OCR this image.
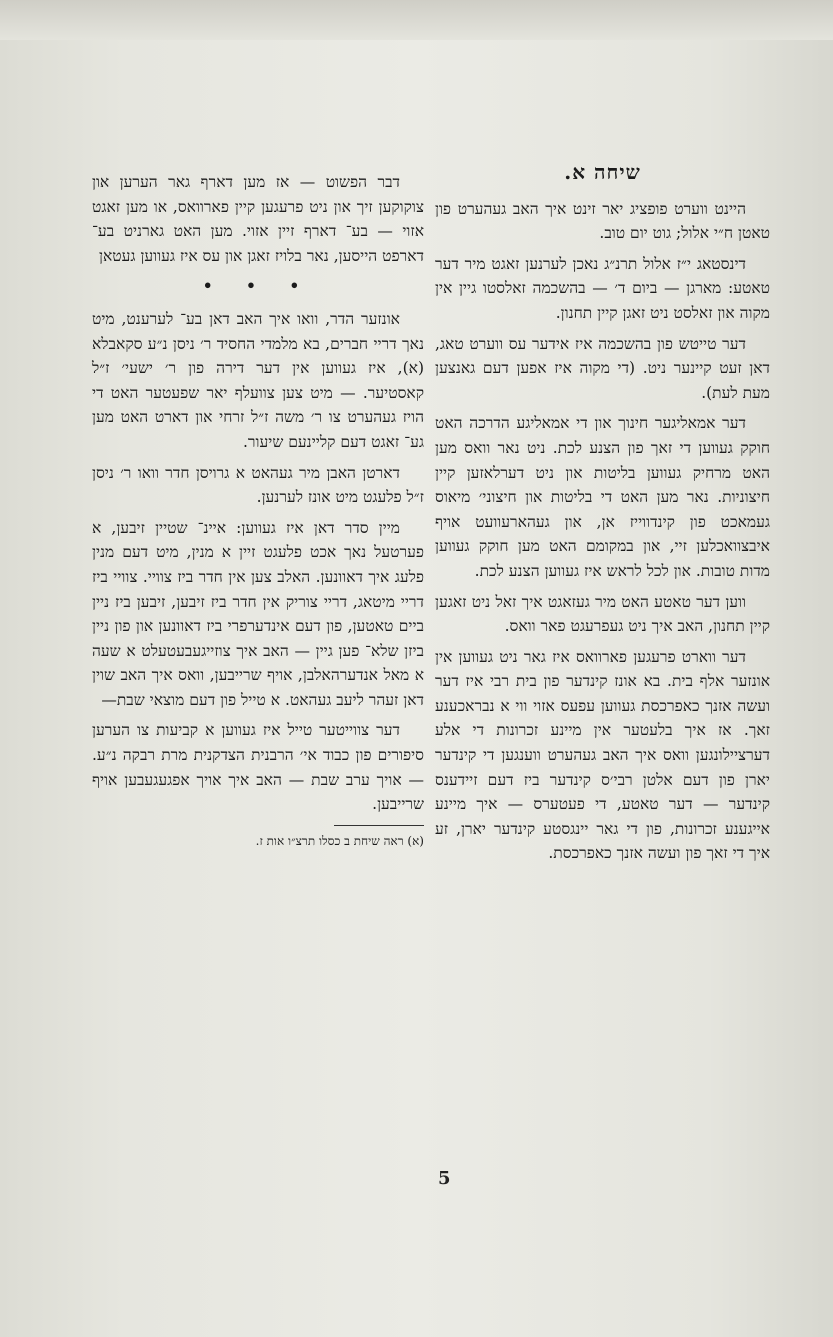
שיחה א.

היינט ווערט פופציג יאר זינט איך האב געהערט פון טאטן ח״י אלול; גוט יום טוב.

דינסטאג י״ז אלול תרנ״ג נאכן לערנען זאגט מיר דער טאטע: מארגן — ביום ד׳ — בהשכמה זאלסטו גיין אין מקוה און זאלסט ניט זאגן קיין תחנון.

דער טייטש פון בהשכמה איז אידער עס ווערט טאג, דאן זעט קיינער ניט. (די מקוה איז אפען דעם גאנצען מעת לעת).

דער אמאליגער חינוך און די אמאליגע הדרכה האט חוקק געווען די זאך פון הצנע לכת. ניט נאר וואס מען האט מרחיק געווען בליטות און ניט דערלאזען קיין חיצוניות. נאר מען האט די בליטות און חיצוני׳ מיאוס געמאכט פון קינדווייז אן, און געהארעוועט אויף איבצוואכלען זיי, און במקומם האט מען חוקק געווען מדות טובות. און לכל לראש איז געווען הצנע לכת.

ווען דער טאטע האט מיר געזאגט איך זאל ניט זאגען קיין תחנון, האב איך ניט געפרעגט פאר וואס.

דער ווארט פרעגען פארוואס איז גאר ניט געווען אין אונזער אלף בית. בא אונז קינדער פון בית רבי איז דער ועשה אזנך כאפרכסת געווען עפעס אזוי ווי א נבראכענע זאך. אז איך בלעטער אין מיינע זכרונות די אלע דערציילונגען וואס איך האב געהערט ווענגען די קינדער יארן פון דעם אלטן רבי׳ס קינדער ביז דעם זיידענס קינדער — דער טאטע, די פעטערס — איך מיינע אייגענע זכרונות, פון די גאר יינגסטע קינדער יארן, זע איך די זאך פון ועשה אזנך כאפרכסת.

דבר הפשוט — אז מען דארף גאר הערען און צוקוקען זיך און ניט פרעגען קיין פארוואס, או מען זאגט אזוי — בע־ דארף זיין אזוי. מען האט גארניט בע־ דארפט הייסען, נאר בלויז זאגן און עס איז געווען געטאן

• • •

אונזער הדר, וואו איך האב דאן בע־ לערענט, מיט נאך דריי חברים, בא מלמדי החסיד ר׳ ניסן נ״ע סקאבלא (א), איז געווען אין דער דירה פון ר׳ ישעי׳ ז״ל קאסטיער. — מיט צען צוועלף יאר שפעטער האט די הויז געהערט צו ר׳ משה ז״ל זרחי און דארט האט מען גע־ זאגט דעם קליינעם שיעור.

דארטן האבן מיר געהאט א גרויסן חדר וואו ר׳ ניסן ז״ל פלעגט מיט אונז לערנען.

מיין סדר דאן איז געווען: איינ־ שטיין זיבען, א פערטעל נאך אכט פלעגט זיין א מנין, מיט דעם מנין פלעג איך דאוונען. האלב צען אין חדר ביז צוויי. צוויי ביז דריי מיטאג, דריי צוריק אין חדר ביז זיבען, זיבען ביז ניין ביים טאטען, פון דעם אינדערפרי ביז דאוונען און פון ניין ביזן שלא־ פען גיין — האב איך צוזייגעבעטעלט א שעה א מאל אנדערהאלבן, אויף שרייבען, וואס איך האב שוין דאן זעהר ליעב געהאט. א טייל פון דעם מוצאי שבת—

דער צווייטער טייל איז געווען א קביעות צו הערען סיפורים פון כבוד אי׳ הרבנית הצדקנית מרת רבקה נ״ע. — אויך ערב שבת — האב איך אויך אפגעגעבען אויף שרייבען.

(א) ראה שיחת ב כסלו תרצ״ו אות ז.

5
